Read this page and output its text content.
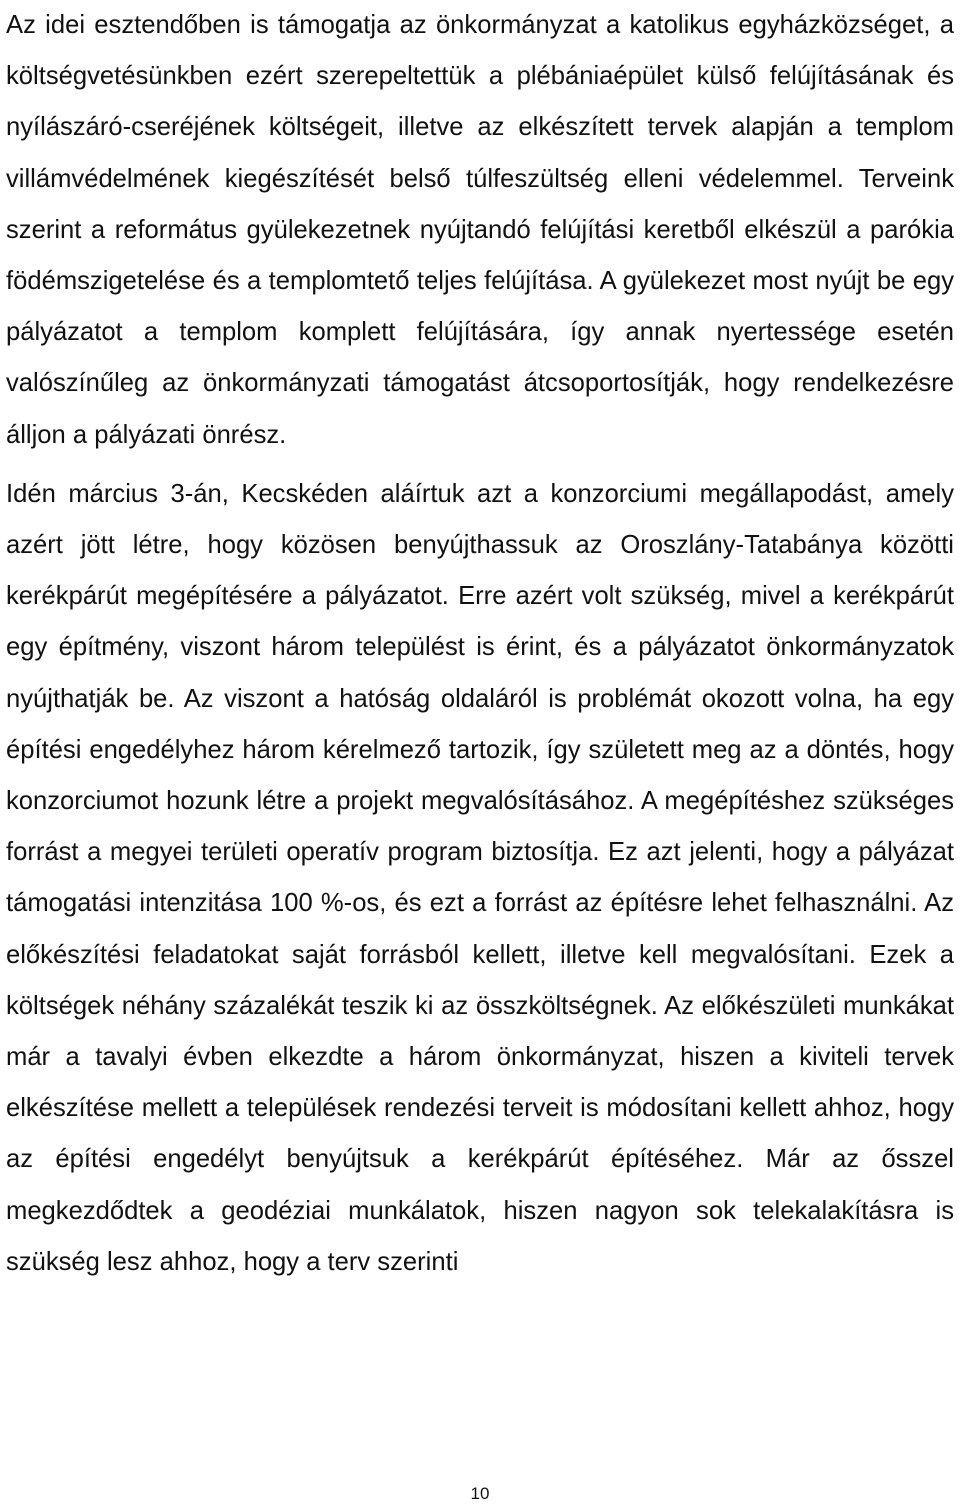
Az idei esztendőben is támogatja az önkormányzat a katolikus egyházközséget, a költségvetésünkben ezért szerepeltettük a plébániaépület külső felújításának és nyílászáró-cseréjének költségeit, illetve az elkészített tervek alapján a templom villámvédelmének kiegészítését belső túlfeszültség elleni védelemmel. Terveink szerint a református gyülekezetnek nyújtandó felújítási keretből elkészül a parókia födémszigetelése és a templomtető teljes felújítása. A gyülekezet most nyújt be egy pályázatot a templom komplett felújítására, így annak nyertessége esetén valószínűleg az önkormányzati támogatást átcsoportosítják, hogy rendelkezésre álljon a pályázati önrész.

Idén március 3-án, Kecskéden aláírtuk azt a konzorciumi megállapodást, amely azért jött létre, hogy közösen benyújthassuk az Oroszlány-Tatabánya közötti kerékpárút megépítésére a pályázatot. Erre azért volt szükség, mivel a kerékpárút egy építmény, viszont három települést is érint, és a pályázatot önkormányzatok nyújthatják be. Az viszont a hatóság oldaláról is problémát okozott volna, ha egy építési engedélyhez három kérelmező tartozik, így született meg az a döntés, hogy konzorciumot hozunk létre a projekt megvalósításához. A megépítéshez szükséges forrást a megyei területi operatív program biztosítja. Ez azt jelenti, hogy a pályázat támogatási intenzitása 100 %-os, és ezt a forrást az építésre lehet felhasználni. Az előkészítési feladatokat saját forrásból kellett, illetve kell megvalósítani. Ezek a költségek néhány százalékát teszik ki az összköltségnek. Az előkészületi munkákat már a tavalyi évben elkezdte a három önkormányzat, hiszen a kiviteli tervek elkészítése mellett a települések rendezési terveit is módosítani kellett ahhoz, hogy az építési engedélyt benyújtsuk a kerékpárút építéséhez. Már az ősszel megkezdődtek a geodéziai munkálatok, hiszen nagyon sok telekalakításra is szükség lesz ahhoz, hogy a terv szerinti

10
